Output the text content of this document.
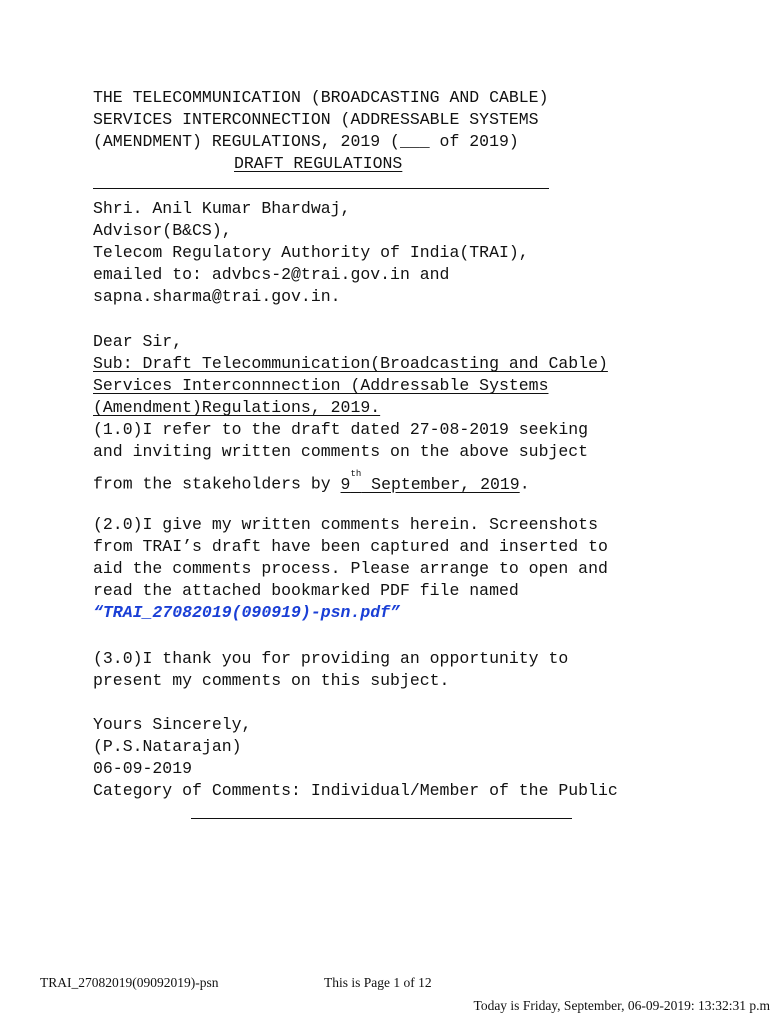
THE TELECOMMUNICATION (BROADCASTING AND CABLE)
SERVICES INTERCONNECTION (ADDRESSABLE SYSTEMS
(AMENDMENT) REGULATIONS, 2019 (___ of 2019)
DRAFT REGULATIONS
Shri. Anil Kumar Bhardwaj,
Advisor(B&CS),
Telecom Regulatory Authority of India(TRAI),
emailed to: advbcs-2@trai.gov.in and
sapna.sharma@trai.gov.in.
Dear Sir,
Sub: Draft Telecommunication(Broadcasting and Cable)
Services Interconnnection (Addressable Systems
(Amendment)Regulations, 2019.
(1.0)I refer to the draft dated 27-08-2019 seeking
and inviting written comments on the above subject
from the stakeholders by 9th September, 2019.
(2.0)I give my written comments herein. Screenshots
from TRAI’s draft have been captured and inserted to
aid the comments process. Please arrange to open and
read the attached bookmarked PDF file named
“TRAI_27082019(090919)-psn.pdf”
(3.0)I thank you for providing an opportunity to
present my comments on this subject.
Yours Sincerely,
(P.S.Natarajan)
06-09-2019
Category of Comments: Individual/Member of the Public
TRAI_27082019(09092019)-psn	This is Page 1 of 12
Today is Friday, September, 06-09-2019: 13:32:31 p.m
